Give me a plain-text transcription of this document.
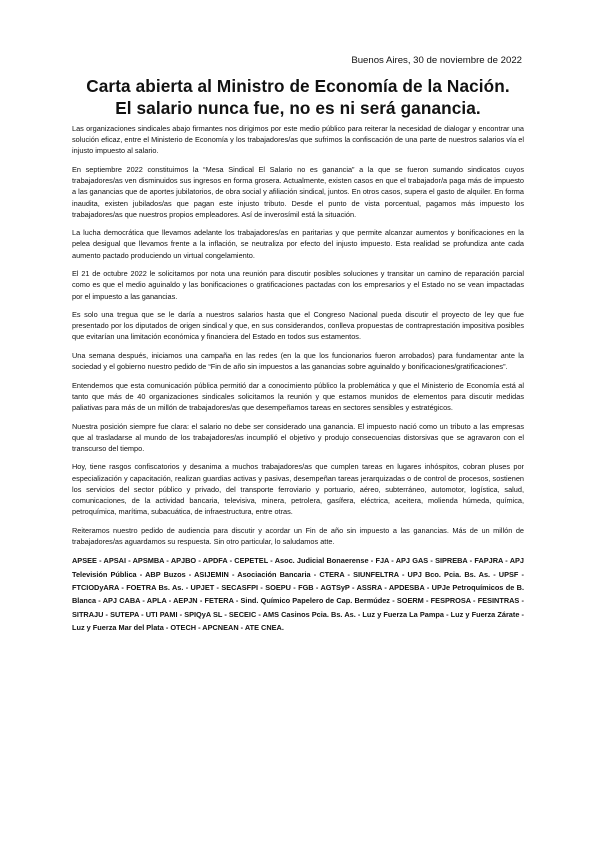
Buenos Aires, 30 de noviembre de 2022
Carta abierta al Ministro de Economía de la Nación.
El salario nunca fue, no es ni será ganancia.

Las organizaciones sindicales abajo firmantes nos dirigimos por este medio público para reiterar la necesidad de dialogar y encontrar una solución eficaz, entre el Ministerio de Economía y los trabajadores/as que sufrimos la confiscación de una parte de nuestros salarios vía el injusto impuesto al salario.

En septiembre 2022 constituimos la “Mesa Sindical El Salario no es ganancia” a la que se fueron sumando sindicatos cuyos trabajadores/as ven disminuidos sus ingresos en forma grosera. Actualmente, existen casos en que el trabajador/a paga más de impuesto a las ganancias que de aportes jubilatorios, de obra social y afiliación sindical, juntos. En otros casos, supera el gasto de alquiler. En forma inaudita, existen jubilados/as que pagan este injusto tributo. Desde el punto de vista porcentual, pagamos más impuesto los trabajadores/as que nuestros propios empleadores. Así de inverosímil está la situación.

La lucha democrática que llevamos adelante los trabajadores/as en paritarias y que permite alcanzar aumentos y bonificaciones en la pelea desigual que llevamos frente a la inflación, se neutraliza por efecto del injusto impuesto. Esta realidad se profundiza ante cada aumento pactado produciendo un virtual congelamiento.

El 21 de octubre 2022 le solicitamos por nota una reunión para discutir posibles soluciones y transitar un camino de reparación parcial como es que el medio aguinaldo y las bonificaciones o gratificaciones pactadas con los empresarios y el Estado no se vean impactadas por el impuesto a las ganancias.

Es solo una tregua que se le daría a nuestros salarios hasta que el Congreso Nacional pueda discutir el proyecto de ley que fue presentado por los diputados de origen sindical y que, en sus considerandos, conlleva propuestas de contraprestación impositiva posibles que evitarían una limitación económica y financiera del Estado en todos sus estamentos.

Una semana después, iniciamos una campaña en las redes (en la que los funcionarios fueron arrobados) para fundamentar ante la sociedad y el gobierno nuestro pedido de “Fin de año sin impuestos a las ganancias sobre aguinaldo y bonificaciones/gratificaciones”.

Entendemos que esta comunicación pública permitió dar a conocimiento público la problemática y que el Ministerio de Economía está al tanto que más de 40 organizaciones sindicales solicitamos la reunión y que estamos munidos de elementos para discutir medidas paliativas para más de un millón de trabajadores/as que desempeñamos tareas en sectores sensibles y estratégicos.

Nuestra posición siempre fue clara: el salario no debe ser considerado una ganancia. El impuesto nació como un tributo a las empresas que al trasladarse al mundo de los trabajadores/as incumplió el objetivo y produjo consecuencias distorsivas que se agravaron con el transcurso del tiempo.

Hoy, tiene rasgos confiscatorios y desanima a muchos trabajadores/as que cumplen tareas en lugares inhóspitos, cobran pluses por especialización y capacitación, realizan guardias activas y pasivas, desempeñan tareas jerarquizadas o de control de procesos, sostienen los servicios del sector público y privado, del transporte ferroviario y portuario, aéreo, subterráneo, automotor, logística, salud, comunicaciones, de la actividad bancaria, televisiva, minera, petrolera, gasífera, eléctrica, aceitera, molienda húmeda, química, petroquímica, marítima, subacuática, de infraestructura, entre otras.

Reiteramos nuestro pedido de audiencia para discutir y acordar un Fin de año sin impuesto a las ganancias. Más de un millón de trabajadores/as aguardamos su respuesta. Sin otro particular, lo saludamos atte.

APSEE - APSAI - APSMBA - APJBO - APDFA - CEPETEL - Asoc. Judicial Bonaerense - FJA - APJ GAS - SIPREBA - FAPJRA - APJ Televisión Pública - ABP Buzos - ASIJEMIN - Asociación Bancaria - CTERA - SIUNFELTRA - UPJ Bco. Pcia. Bs. As. - UPSF - FTCIODyARA - FOETRA Bs. As. - UPJET - SECASFPI - SOEPU - FGB - AGTSyP - ASSRA - APDESBA - UPJe Petroquímicos de B. Blanca - APJ CABA - APLA - AEPJN - FETERA - Sind. Químico Papelero de Cap. Bermúdez - SOERM - FESPROSA - FESINTRAS - SITRAJU - SUTEPA - UTI PAMI - SPIQyA SL - SECEIC - AMS Casinos Pcia. Bs. As. - Luz y Fuerza La Pampa - Luz y Fuerza Zárate - Luz y Fuerza Mar del Plata - OTECH - APCNEAN - ATE CNEA.
